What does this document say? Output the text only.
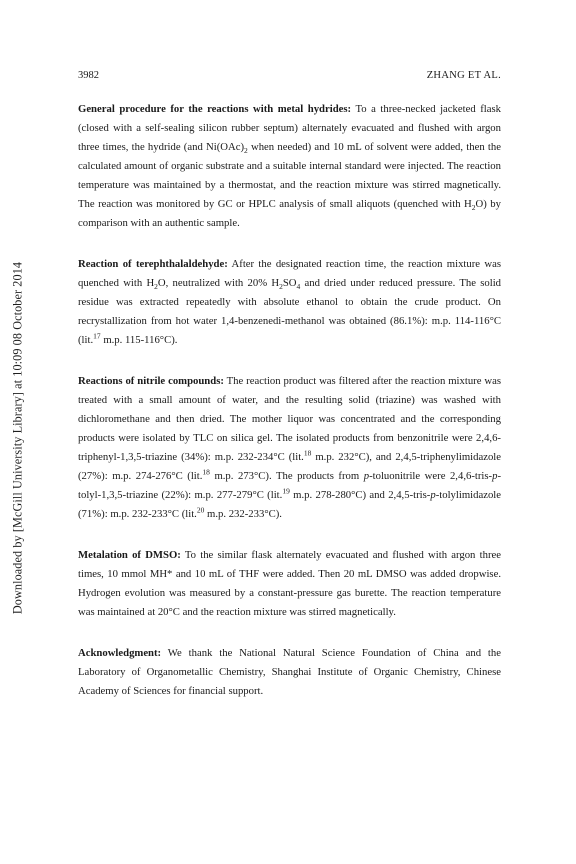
Downloaded by [McGill University Library] at 10:09 08 October 2014
3982	ZHANG ET AL.

General procedure for the reactions with metal hydrides: To a three-necked jacketed flask (closed with a self-sealing silicon rubber septum) alternately evacuated and flushed with argon three times, the hydride (and $Ni(OAc)_2$ when needed) and 10 mL of solvent were added, then the calculated amount of organic substrate and a suitable internal standard were injected. The reaction temperature was maintained by a thermostat, and the reaction mixture was stirred magnetically. The reaction was monitored by GC or HPLC analysis of small aliquots (quenched with $H_2O$) by comparison with an authentic sample.

Reaction of terephthalaldehyde: After the designated reaction time, the reaction mixture was quenched with $H_2O$, neutralized with 20% $H_2SO_4$ and dried under reduced pressure. The solid residue was extracted repeatedly with absolute ethanol to obtain the crude product. On recrystallization from hot water 1,4-benzenedi-methanol was obtained (86.1%): m.p. 114-116°C (lit.$^{17}$ m.p. 115-116°C).

Reactions of nitrile compounds: The reaction product was filtered after the reaction mixture was treated with a small amount of water, and the resulting solid (triazine) was washed with dichloromethane and then dried. The mother liquor was concentrated and the corresponding products were isolated by TLC on silica gel. The isolated products from benzonitrile were 2,4,6-triphenyl-1,3,5-triazine (34%): m.p. 232-234°C (lit.$^{18}$ m.p. 232°C), and 2,4,5-triphenylimidazole (27%): m.p. 274-276°C (lit.$^{18}$ m.p. 273°C). The products from p-toluonitrile were 2,4,6-tris-p-tolyl-1,3,5-triazine (22%): m.p. 277-279°C (lit.$^{19}$ m.p. 278-280°C) and 2,4,5-tris-p-tolylimidazole (71%): m.p. 232-233°C (lit.$^{20}$ m.p. 232-233°C).

Metalation of DMSO: To the similar flask alternately evacuated and flushed with argon three times, 10 mmol MH* and 10 mL of THF were added. Then 20 mL DMSO was added dropwise. Hydrogen evolution was measured by a constant-pressure gas burette. The reaction temperature was maintained at 20°C and the reaction mixture was stirred magnetically.

Acknowledgment: We thank the National Natural Science Foundation of China and the Laboratory of Organometallic Chemistry, Shanghai Institute of Organic Chemistry, Chinese Academy of Sciences for financial support.
